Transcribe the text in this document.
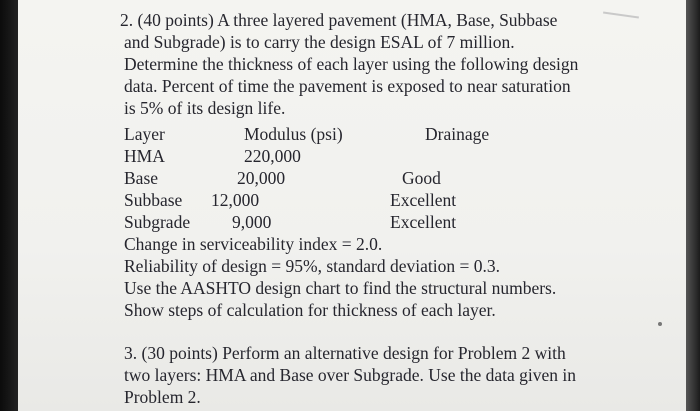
2. (40 points) A three layered pavement (HMA, Base, Subbase
and Subgrade) is to carry the design ESAL of 7 million.
Determine the thickness of each layer using the following design
data. Percent of time the pavement is exposed to near saturation
is 5% of its design life.
Layer	Modulus (psi)	Drainage
HMA	220,000
Base	20,000	Good
Subbase 12,000	Excellent
Subgrade 9,000	Excellent
Change in serviceability index = 2.0.
Reliability of design = 95%, standard deviation = 0.3.
Use the AASHTO design chart to find the structural numbers.
Show steps of calculation for thickness of each layer.
3. (30 points) Perform an alternative design for Problem 2 with
two layers: HMA and Base over Subgrade. Use the data given in
Problem 2.
